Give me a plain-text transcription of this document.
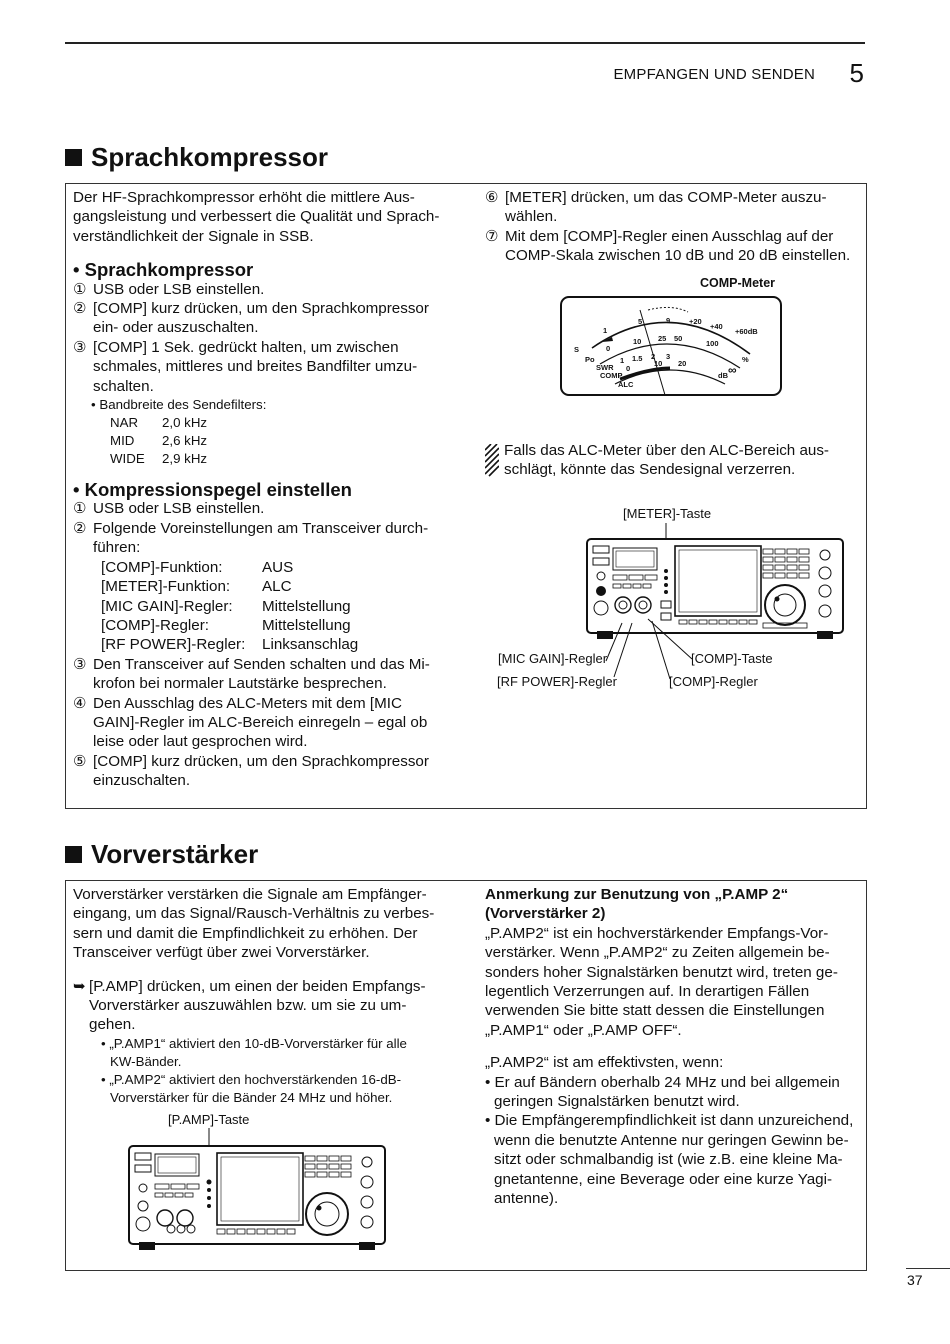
EMPFANGEN UND SENDEN 5
Sprachkompressor
Der HF-Sprachkompressor erhöht die mittlere Aus-
gangsleistung und verbessert die Qualität und Sprach-
verständlichkeit der Signale in SSB.
• Sprachkompressor
① USB oder LSB einstellen.
② [COMP] kurz drücken, um den Sprachkompressor
ein- oder auszuschalten.
③ [COMP] 1 Sek. gedrückt halten, um zwischen
schmales, mittleres und breites Bandfilter umzu-
schalten.
• Bandbreite des Sendefilters:
NAR	2,0 kHz
MID	2,6 kHz
WIDE	2,9 kHz
• Kompressionspegel einstellen
① USB oder LSB einstellen.
② Folgende Voreinstellungen am Transceiver durch-
führen:
[COMP]-Funktion:	AUS
[METER]-Funktion:	ALC
[MIC GAIN]-Regler:	Mittelstellung
[COMP]-Regler:	Mittelstellung
[RF POWER]-Regler:	Linksanschlag
③ Den Transceiver auf Senden schalten und das Mi-
krofon bei normaler Lautstärke besprechen.
④ Den Ausschlag des ALC-Meters mit dem [MIC
GAIN]-Regler im ALC-Bereich einregeln – egal ob
leise oder laut gesprochen wird.
⑤ [COMP] kurz drücken, um den Sprachkompressor
einzuschalten.
⑥ [METER] drücken, um das COMP-Meter auszu-
wählen.
⑦ Mit dem [COMP]-Regler einen Ausschlag auf der
COMP-Skala zwischen 10 dB und 20 dB einstellen.
COMP-Meter
S
Po
SWR
COMP
ALC
1
5	9	+20
+40
+60dB
0
10 25 50
100
1 1.5 2 3
0
10 20
dB
%
∞
Falls das ALC-Meter über den ALC-Bereich aus-
schlägt, könnte das Sendesignal verzerren.
[METER]-Taste
[MIC GAIN]-Regler
[RF POWER]-Regler
[COMP]-Taste
[COMP]-Regler
Vorverstärker
Vorverstärker verstärken die Signale am Empfänger-
eingang, um das Signal/Rausch-Verhältnis zu verbes-
sern und damit die Empfindlichkeit zu erhöhen. Der
Transceiver verfügt über zwei Vorverstärker.
➥ [P.AMP] drücken, um einen der beiden Empfangs-
Vorverstärker auszuwählen bzw. um sie zu um-
gehen.
• „P.AMP1“ aktiviert den 10-dB-Vorverstärker für alle
KW-Bänder.
• „P.AMP2“ aktiviert den hochverstärkenden 16-dB-
Vorverstärker für die Bänder 24 MHz und höher.
[P.AMP]-Taste
Anmerkung zur Benutzung von „P.AMP 2“
(Vorverstärker 2)
„P.AMP2“ ist ein hochverstärkender Empfangs-Vor-
verstärker. Wenn „P.AMP2“ zu Zeiten allgemein be-
sonders hoher Signalstärken benutzt wird, treten ge-
legentlich Verzerrungen auf. In derartigen Fällen
verwenden Sie bitte statt dessen die Einstellungen
„P.AMP1“ oder „P.AMP OFF“.
„P.AMP2“ ist am effektivsten, wenn:
• Er auf Bändern oberhalb 24 MHz und bei allgemein
geringen Signalstärken benutzt wird.
• Die Empfängerempfindlichkeit ist dann unzureichend,
wenn die benutzte Antenne nur geringen Gewinn be-
sitzt oder schmalbandig ist (wie z.B. eine kleine Ma-
gnetantenne, eine Beverage oder eine kurze Yagi-
antenne).
37
